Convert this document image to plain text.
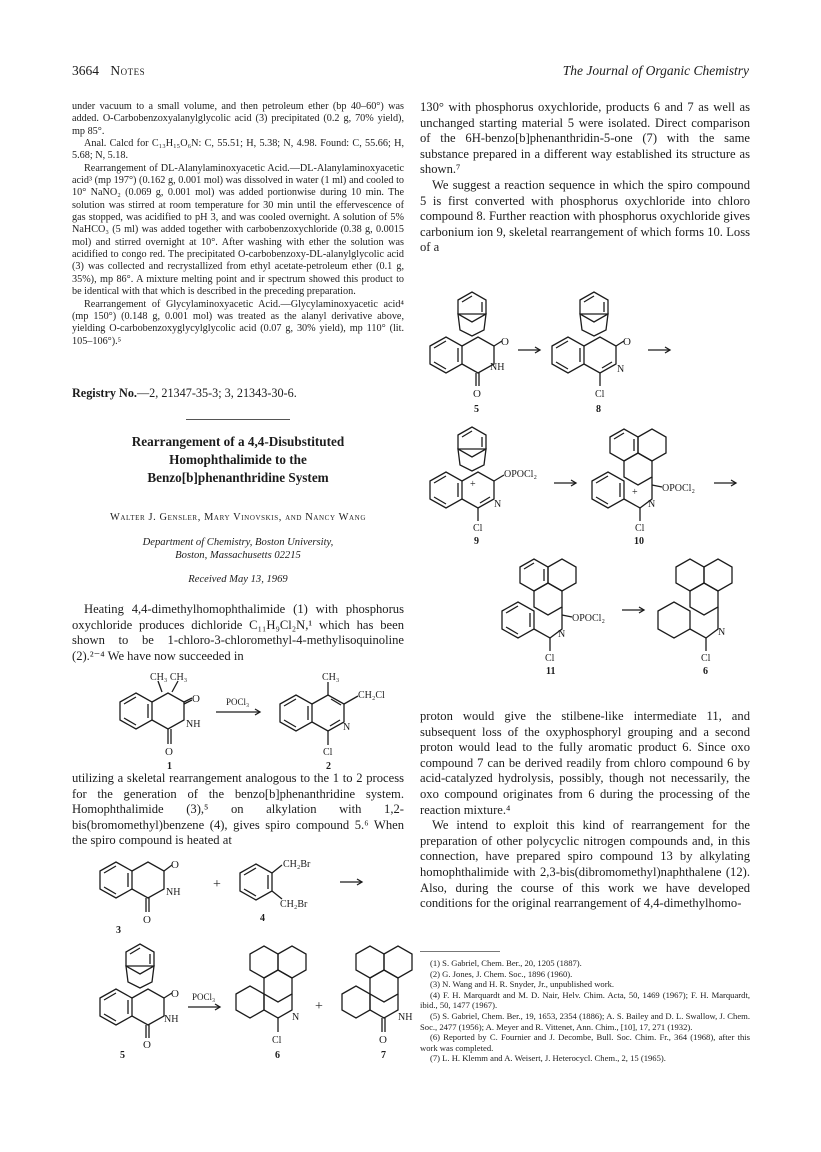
3664 Notes	The Journal of Organic Chemistry

under vacuum to a small volume, and then petroleum ether (bp 40–60°) was added. O-Carbobenzoxyalanylglycolic acid (3) precipitated (0.2 g, 70% yield), mp 85°.

Anal. Calcd for C₁₃H₁₅O₆N: C, 55.51; H, 5.38; N, 4.98. Found: C, 55.66; H, 5.68; N, 5.18.

Rearrangement of DL-Alanylaminoxyacetic Acid.—DL-Alanylaminoxyacetic acid³ (mp 197°) (0.162 g, 0.001 mol) was dissolved in water (1 ml) and cooled to 10° NaNO₂ (0.069 g, 0.001 mol) was added portionwise during 10 min. The solution was stirred at room temperature for 30 min until the effervescence of gas stopped, was acidified to pH 3, and was cooled overnight. A solution of 5% NaHCO₃ (5 ml) was added together with carbobenzoxychloride (0.38 g, 0.0015 mol) and stirred overnight at 10°. After washing with ether the solution was acidified to congo red. The precipitated O-carbobenzoxy-DL-alanylglycolic acid (3) was collected and recrystallized from ethyl acetate-petroleum ether (0.1 g, 35%), mp 86°. A mixture melting point and ir spectrum showed this product to be identical with that which is described in the preceding preparation.

Rearrangement of Glycylaminoxyacetic Acid.—Glycylaminoxyacetic acid⁴ (mp 150°) (0.148 g, 0.001 mol) was treated as the alanyl derivative above, yielding O-carbobenzoxyglycylglycolic acid (0.07 g, 30% yield), mp 110° (lit. 105–106°).⁵

Registry No.—2, 21347-35-3; 3, 21343-30-6.

Rearrangement of a 4,4-Disubstituted
Homophthalimide to the
Benzo[b]phenanthridine System
Walter J. Gensler, Mary Vinovskis, and Nancy Wang
Department of Chemistry, Boston University,
Boston, Massachusetts 02215
Received May 13, 1969

Heating 4,4-dimethylhomophthalimide (1) with phosphorus oxychloride produces dichloride C₁₁H₉Cl₂N,¹ which has been shown to be 1-chloro-3-chloromethyl-4-methylisoquinoline (2).²⁻⁴ We have now succeeded in

CH₃ CH₃
O
NH
O
1
POCl₃
CH₃
CH₂Cl
N
Cl
2

utilizing a skeletal rearrangement analogous to the 1 to 2 process for the generation of the benzo[b]phenanthridine system. Homophthalimide (3),⁵ on alkylation with 1,2-bis(bromomethyl)benzene (4), gives spiro compound 5.⁶ When the spiro compound is heated at

O
NH
O
+
CH₂Br
CH₂Br
4
3
O
NH
O
5
POCl₃
N
Cl
6
+
NH
O
7

130° with phosphorus oxychloride, products 6 and 7 as well as unchanged starting material 5 were isolated. Direct comparison of the 6H-benzo[b]phenanthridin-5-one (7) with the same substance prepared in a different way established its structure as shown.⁷

We suggest a reaction sequence in which the spiro compound 5 is first converted with phosphorus oxychloride into chloro compound 8. Further reaction with phosphorus oxychloride gives carbonium ion 9, skeletal rearrangement of which forms 10. Loss of a

O
NH
O
5
O
N
Cl
8
+
OPOCl₂
N
Cl
9
+ OPOCl₂
N
Cl
10
OPOCl₂
N
Cl
11
N
Cl
6

proton would give the stilbene-like intermediate 11, and subsequent loss of the oxyphosphoryl grouping and a second proton would lead to the fully aromatic product 6. Since oxo compound 7 can be derived readily from chloro compound 6 by acid-catalyzed hydrolysis, possibly, though not necessarily, the oxo compound originates from 6 during the processing of the reaction mixture.⁴

We intend to exploit this kind of rearrangement for the preparation of other polycyclic nitrogen compounds and, in this connection, have prepared spiro compound 13 by alkylating homophthalimide with 2,3-bis(dibromomethyl)naphthalene (12). Also, during the course of this work we have developed conditions for the original rearrangement of 4,4-dimethylhomo-

(1) S. Gabriel, Chem. Ber., 20, 1205 (1887).
(2) G. Jones, J. Chem. Soc., 1896 (1960).
(3) N. Wang and H. R. Snyder, Jr., unpublished work.
(4) F. H. Marquardt and M. D. Nair, Helv. Chim. Acta, 50, 1469 (1967); F. H. Marquardt, ibid., 50, 1477 (1967).
(5) S. Gabriel, Chem. Ber., 19, 1653, 2354 (1886); A. S. Bailey and D. L. Swallow, J. Chem. Soc., 2477 (1956); A. Meyer and R. Vittenet, Ann. Chim., [10], 17, 271 (1932).
(6) Reported by C. Fournier and J. Decombe, Bull. Soc. Chim. Fr., 364 (1968), after this work was completed.
(7) L. H. Klemm and A. Weisert, J. Heterocycl. Chem., 2, 15 (1965).
